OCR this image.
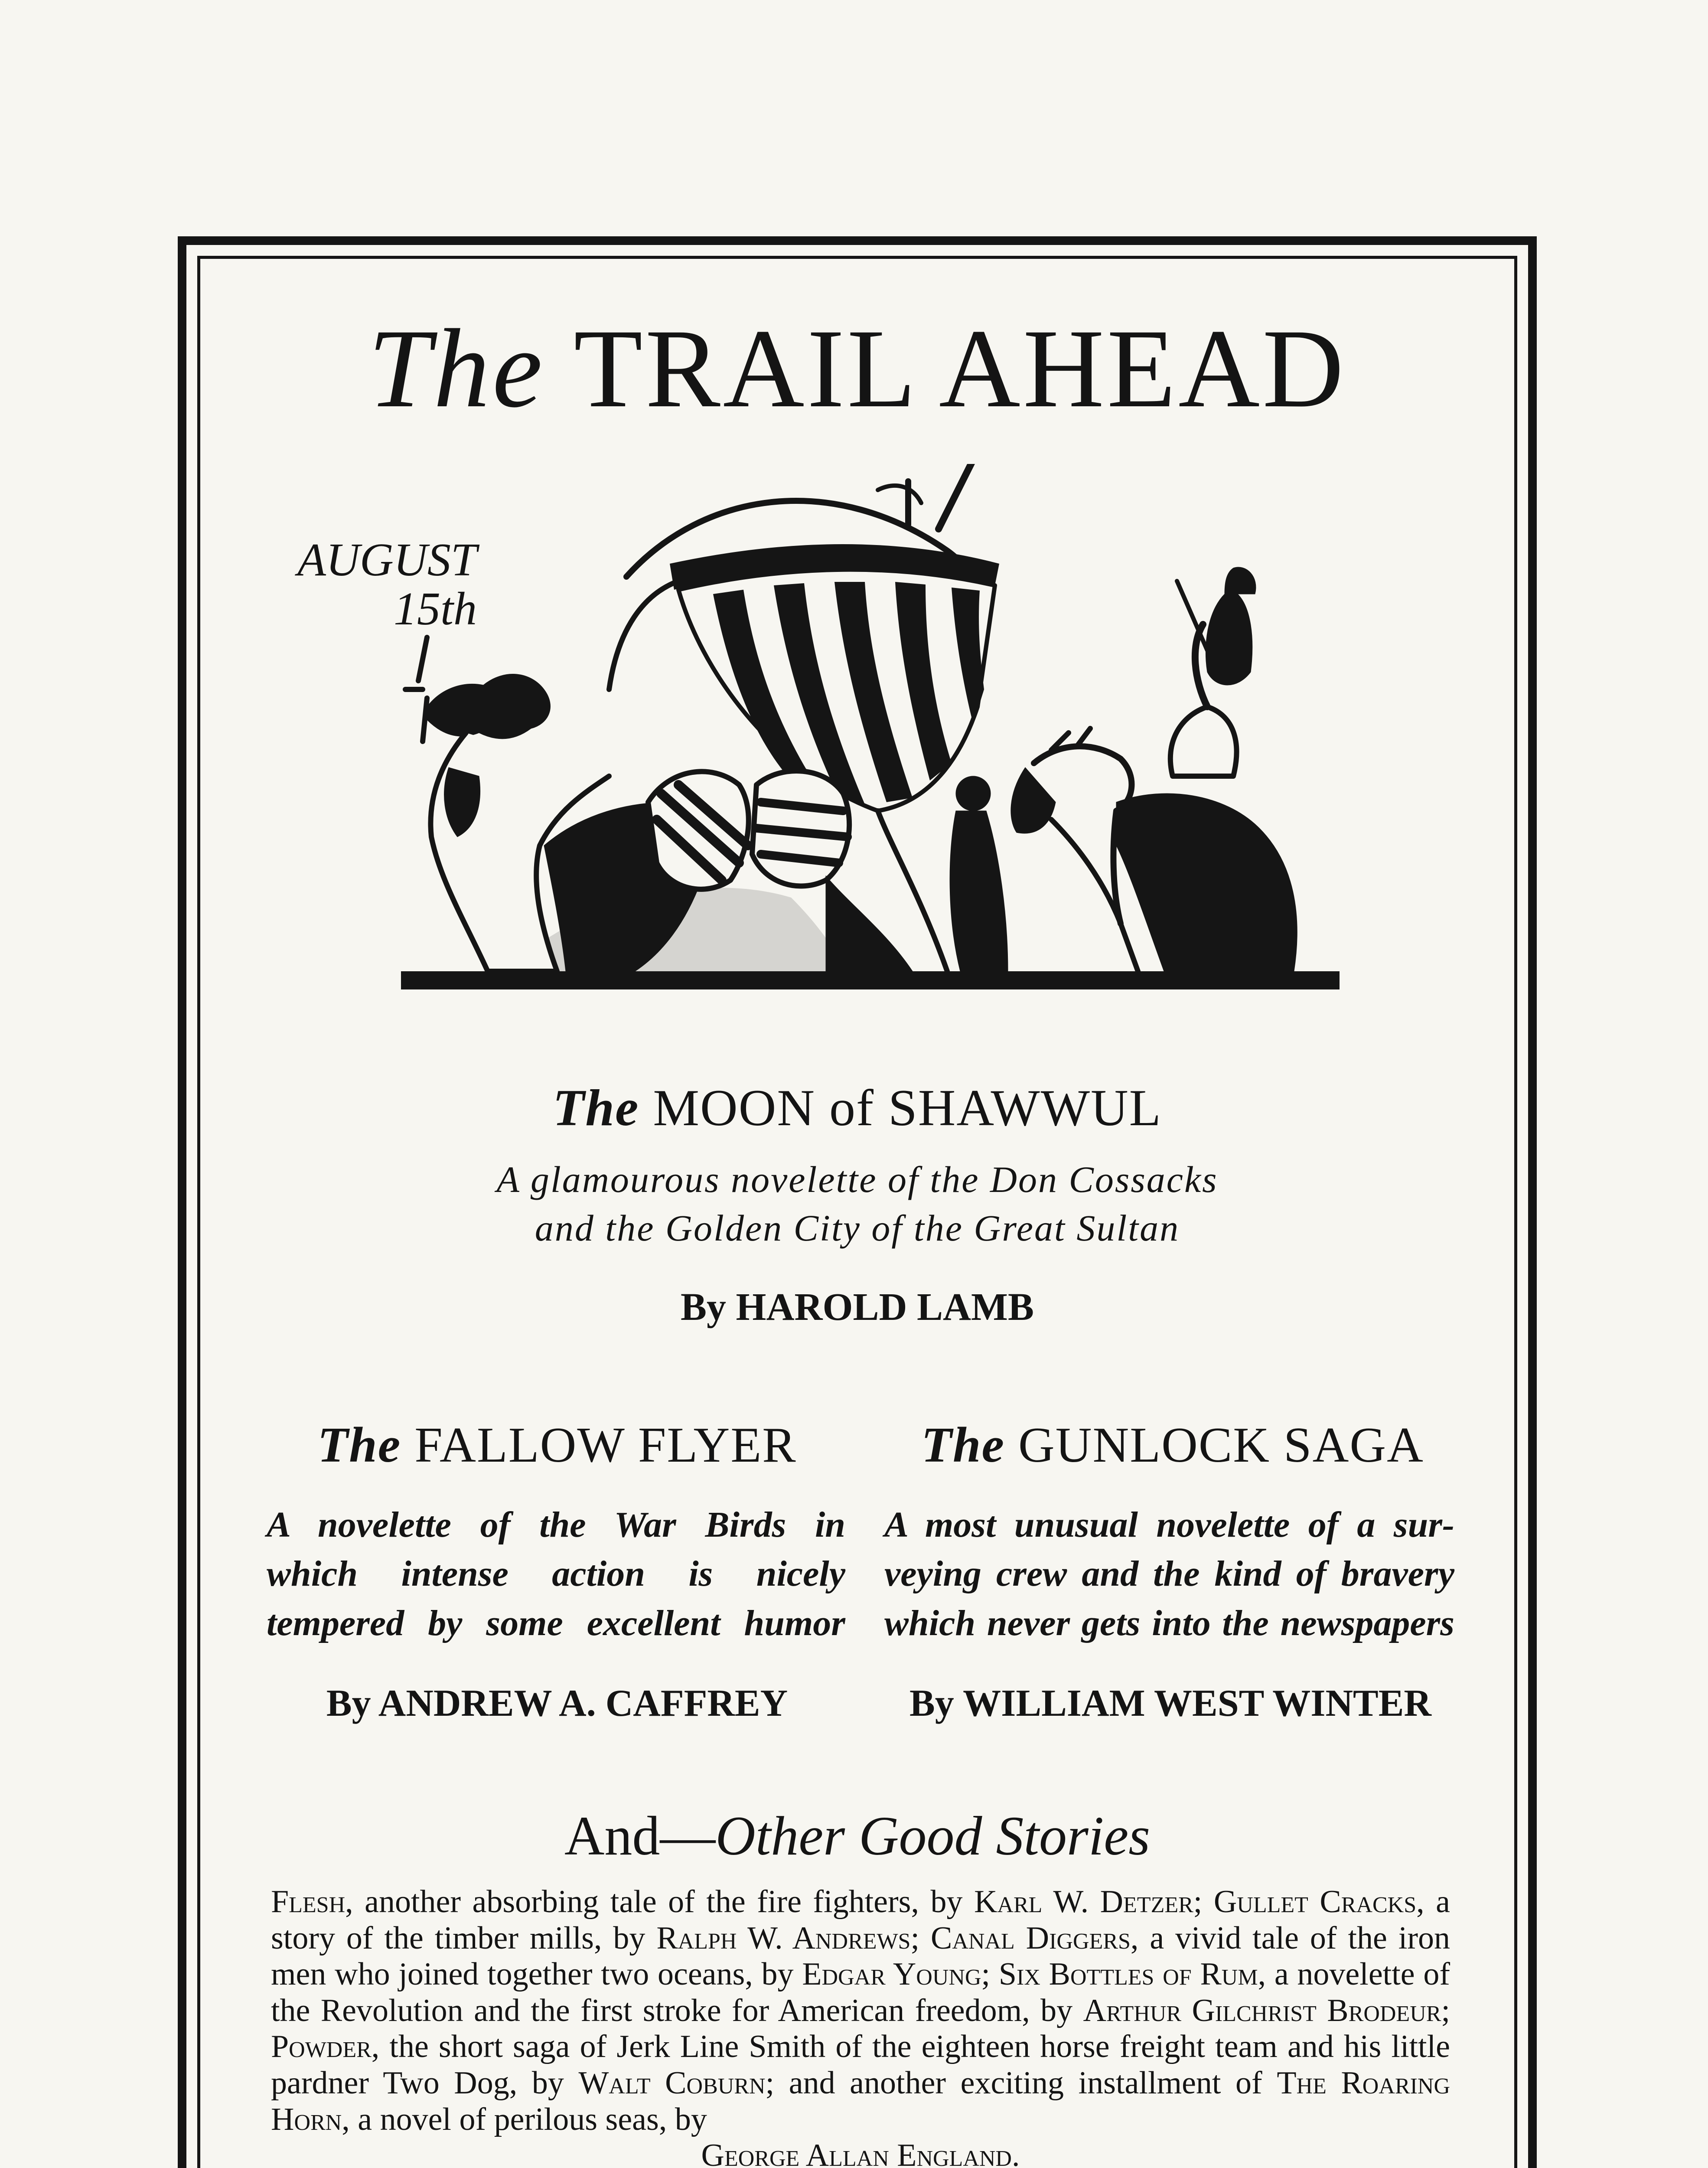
The TRAIL AHEAD
AUGUST
15th
The MOON of SHAWWUL
A glamourous novelette of the Don Cossacks
and the Golden City of the Great Sultan
By HAROLD LAMB
The FALLOW FLYER
A novelette of the War Birds in
which intense action is nicely
tempered by some excellent humor
By ANDREW A. CAFFREY
The GUNLOCK SAGA
A most unusual novelette of a sur-
veying crew and the kind of bravery
which never gets into the newspapers
By WILLIAM WEST WINTER
And—Other Good Stories
Flesh, another absorbing tale of the fire fighters, by Karl W. Detzer; Gullet Cracks, a story of the timber mills, by Ralph W. Andrews; Canal Diggers, a vivid tale of the iron men who joined together two oceans, by Edgar Young; Six Bottles of Rum, a novelette of the Revolution and the first stroke for American freedom, by Arthur Gilchrist Brodeur; Powder, the short saga of Jerk Line Smith of the eighteen horse freight team and his little pardner Two Dog, by Walt Coburn; and another exciting installment of The Roaring Horn, a novel of perilous seas, by
George Allan England.
